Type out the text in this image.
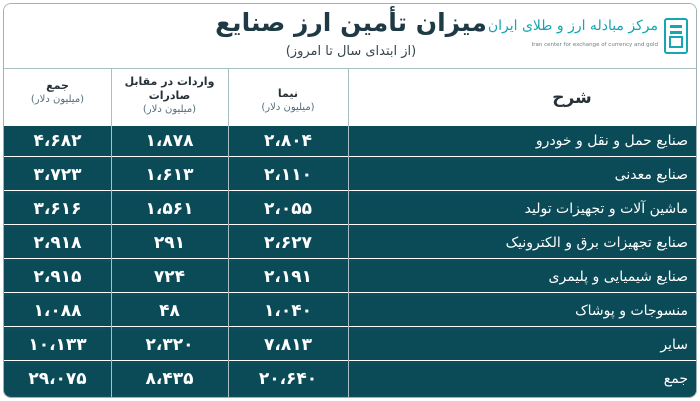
میزان تأمین ارز صنایع
(از ابتدای سال تا امروز)
مرکز مبادله ارز و طلای ایران
Iran center for exchange of currency and gold
شرح
نیما
(میلیون دلار)
واردات در مقابل صادرات
(میلیون دلار)
جمع
(میلیون دلار)
صنایع حمل و نقل و خودرو
۲،۸۰۴
۱،۸۷۸
۴،۶۸۲
صنایع معدنی
۲،۱۱۰
۱،۶۱۳
۳،۷۲۳
ماشین آلات و تجهیزات تولید
۲،۰۵۵
۱،۵۶۱
۳،۶۱۶
صنایع تجهیزات برق و الکترونیک
۲،۶۲۷
۲۹۱
۲،۹۱۸
صنایع شیمیایی و پلیمری
۲،۱۹۱
۷۲۴
۲،۹۱۵
منسوجات و پوشاک
۱،۰۴۰
۴۸
۱،۰۸۸
سایر
۷،۸۱۳
۲،۳۲۰
۱۰،۱۳۳
جمع
۲۰،۶۴۰
۸،۴۳۵
۲۹،۰۷۵
